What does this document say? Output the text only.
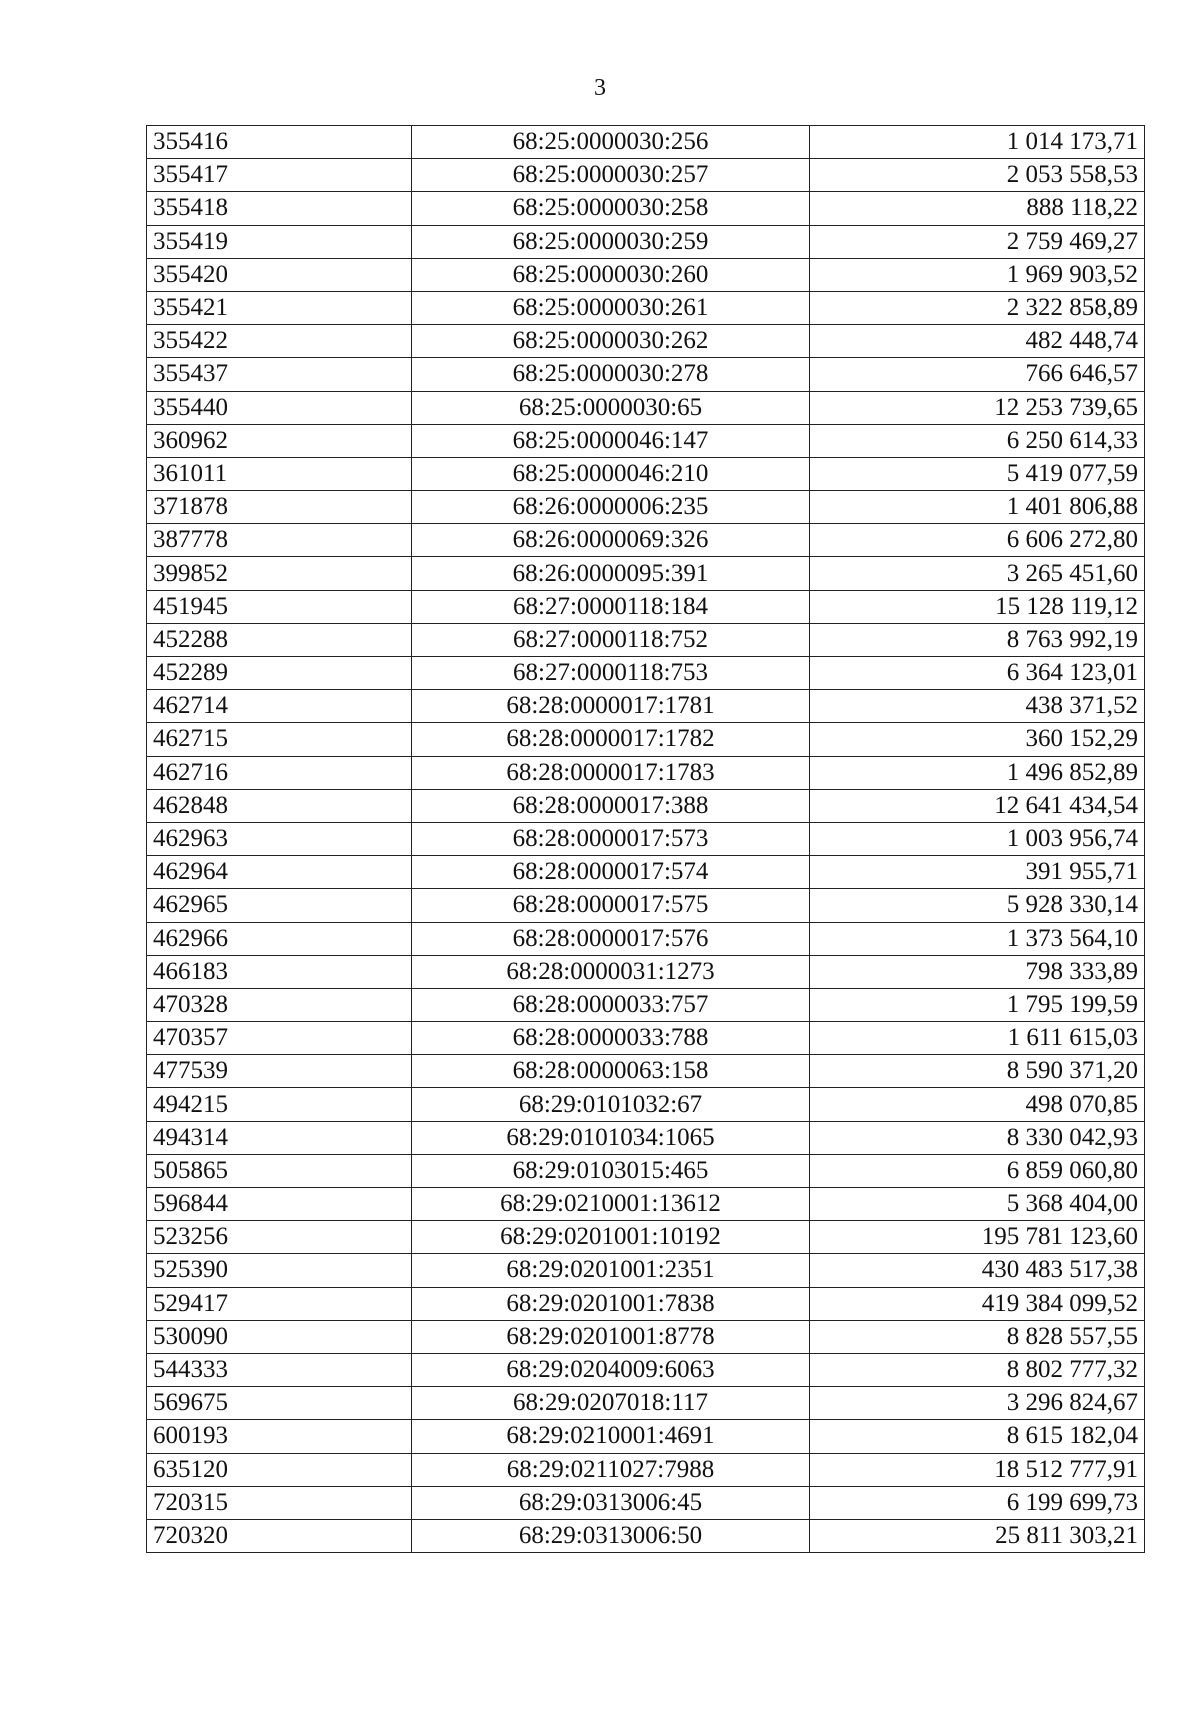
3
355416	68:25:0000030:256	1 014 173,71
355417	68:25:0000030:257	2 053 558,53
355418	68:25:0000030:258	888 118,22
355419	68:25:0000030:259	2 759 469,27
355420	68:25:0000030:260	1 969 903,52
355421	68:25:0000030:261	2 322 858,89
355422	68:25:0000030:262	482 448,74
355437	68:25:0000030:278	766 646,57
355440	68:25:0000030:65	12 253 739,65
360962	68:25:0000046:147	6 250 614,33
361011	68:25:0000046:210	5 419 077,59
371878	68:26:0000006:235	1 401 806,88
387778	68:26:0000069:326	6 606 272,80
399852	68:26:0000095:391	3 265 451,60
451945	68:27:0000118:184	15 128 119,12
452288	68:27:0000118:752	8 763 992,19
452289	68:27:0000118:753	6 364 123,01
462714	68:28:0000017:1781	438 371,52
462715	68:28:0000017:1782	360 152,29
462716	68:28:0000017:1783	1 496 852,89
462848	68:28:0000017:388	12 641 434,54
462963	68:28:0000017:573	1 003 956,74
462964	68:28:0000017:574	391 955,71
462965	68:28:0000017:575	5 928 330,14
462966	68:28:0000017:576	1 373 564,10
466183	68:28:0000031:1273	798 333,89
470328	68:28:0000033:757	1 795 199,59
470357	68:28:0000033:788	1 611 615,03
477539	68:28:0000063:158	8 590 371,20
494215	68:29:0101032:67	498 070,85
494314	68:29:0101034:1065	8 330 042,93
505865	68:29:0103015:465	6 859 060,80
596844	68:29:0210001:13612	5 368 404,00
523256	68:29:0201001:10192	195 781 123,60
525390	68:29:0201001:2351	430 483 517,38
529417	68:29:0201001:7838	419 384 099,52
530090	68:29:0201001:8778	8 828 557,55
544333	68:29:0204009:6063	8 802 777,32
569675	68:29:0207018:117	3 296 824,67
600193	68:29:0210001:4691	8 615 182,04
635120	68:29:0211027:7988	18 512 777,91
720315	68:29:0313006:45	6 199 699,73
720320	68:29:0313006:50	25 811 303,21
